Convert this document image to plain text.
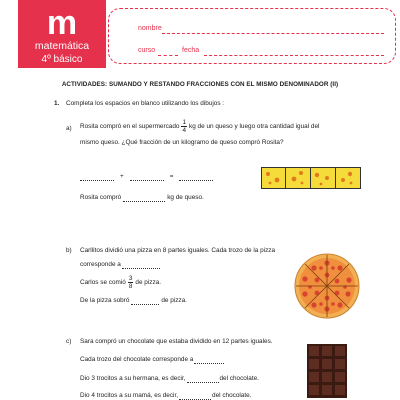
m
matemática
4º básico
nombre
curso	fecha
ACTIVIDADES: SUMANDO Y RESTANDO FRACCIONES CON EL MISMO DENOMINADOR (II)
1. Completa los espacios en blanco utilizando los dibujos :
a) Rosita compró en el supermercado $\frac{1}{4}$ kg de un queso y luego otra cantidad igual del
mismo queso. ¿Qué fracción de un kilogramo de queso compró Rosita?
+	=
Rosita compró	kg de queso.
b) Carllitos dividió una pizza en 8 partes iguales. Cada trozo de la pizza
corresponde a
Carlos se comió $\frac{3}{8}$ de pizza.
De la pizza sobró	de pizza.
c) Sara compró un chocolate que estaba dividido en 12 partes iguales.
Cada trozo del chocolate corresponde a
Dio 3 trocitos a su hermana, es decir,	del chocolate.
Dio 4 trocitos a su mamá, es decir,	del chocolate.
